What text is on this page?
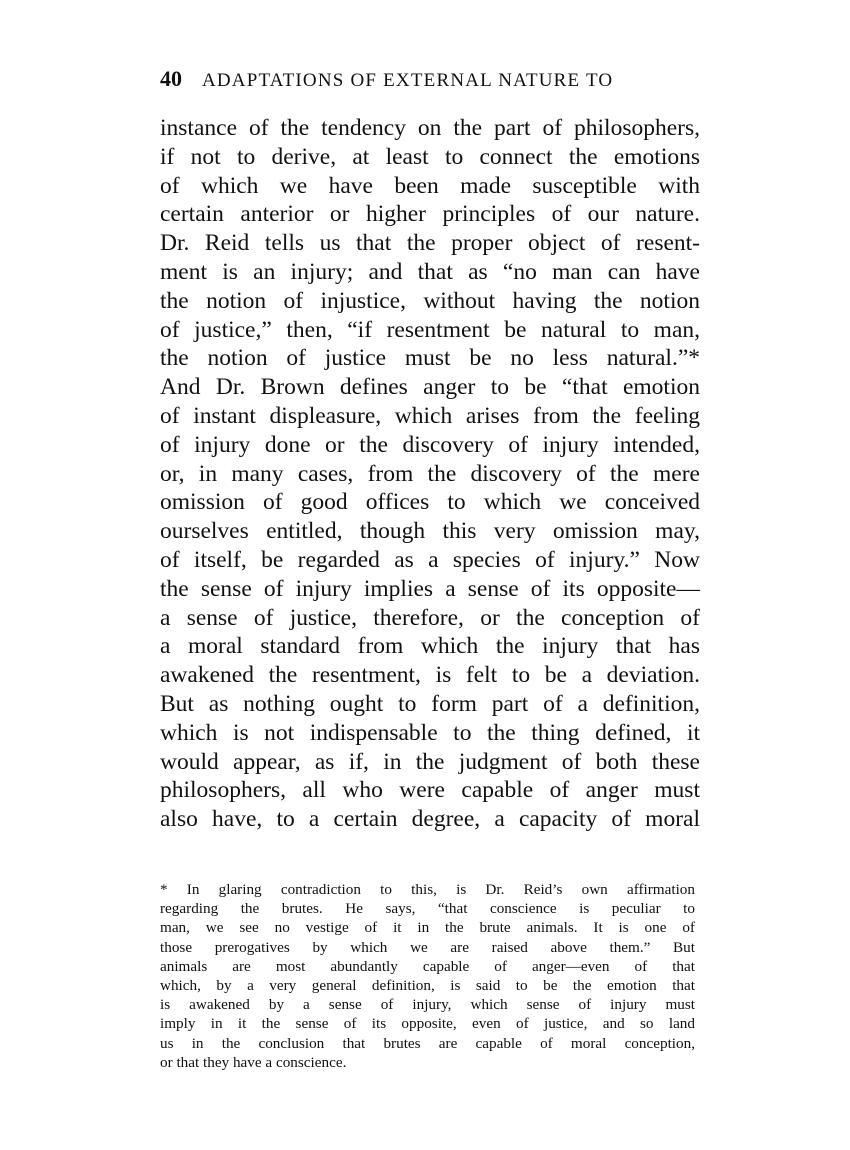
40 ADAPTATIONS OF EXTERNAL NATURE TO
instance of the tendency on the part of philosophers,
if not to derive, at least to connect the emotions
of which we have been made susceptible with
certain anterior or higher principles of our nature.
Dr. Reid tells us that the proper object of resent-
ment is an injury; and that as “no man can have
the notion of injustice, without having the notion
of justice,” then, “if resentment be natural to man,
the notion of justice must be no less natural.”*
And Dr. Brown defines anger to be “that emotion
of instant displeasure, which arises from the feeling
of injury done or the discovery of injury intended,
or, in many cases, from the discovery of the mere
omission of good offices to which we conceived
ourselves entitled, though this very omission may,
of itself, be regarded as a species of injury.” Now
the sense of injury implies a sense of its opposite—
a sense of justice, therefore, or the conception of
a moral standard from which the injury that has
awakened the resentment, is felt to be a deviation.
But as nothing ought to form part of a definition,
which is not indispensable to the thing defined, it
would appear, as if, in the judgment of both these
philosophers, all who were capable of anger must
also have, to a certain degree, a capacity of moral
* In glaring contradiction to this, is Dr. Reid’s own affirmation
regarding the brutes. He says, “that conscience is peculiar to
man, we see no vestige of it in the brute animals. It is one of
those prerogatives by which we are raised above them.” But
animals are most abundantly capable of anger—even of that
which, by a very general definition, is said to be the emotion that
is awakened by a sense of injury, which sense of injury must
imply in it the sense of its opposite, even of justice, and so land
us in the conclusion that brutes are capable of moral conception,
or that they have a conscience.
